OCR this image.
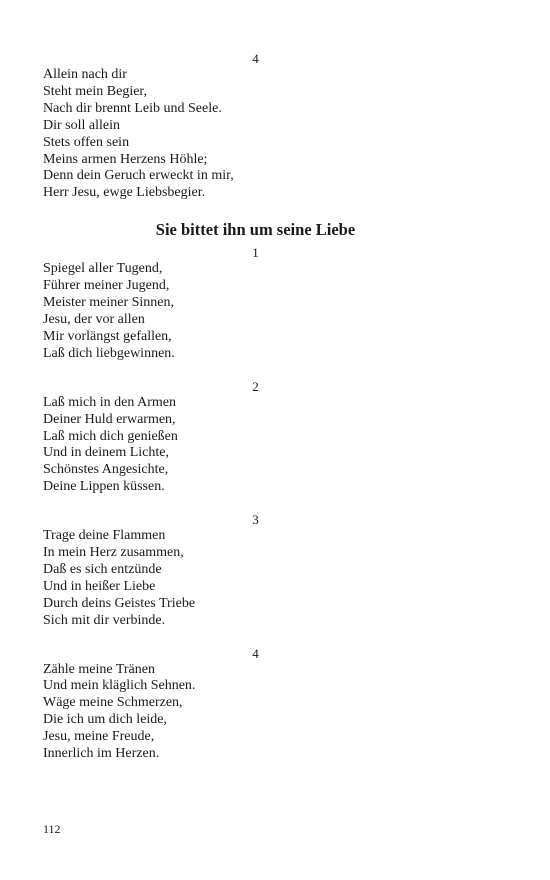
4
Allein nach dir
Steht mein Begier,
Nach dir brennt Leib und Seele.
Dir soll allein
Stets offen sein
Meins armen Herzens Höhle;
Denn dein Geruch erweckt in mir,
Herr Jesu, ewge Liebsbegier.
Sie bittet ihn um seine Liebe
1
Spiegel aller Tugend,
Führer meiner Jugend,
Meister meiner Sinnen,
Jesu, der vor allen
Mir vorlängst gefallen,
Laß dich liebgewinnen.
2
Laß mich in den Armen
Deiner Huld erwarmen,
Laß mich dich genießen
Und in deinem Lichte,
Schönstes Angesichte,
Deine Lippen küssen.
3
Trage deine Flammen
In mein Herz zusammen,
Daß es sich entzünde
Und in heißer Liebe
Durch deins Geistes Triebe
Sich mit dir verbinde.
4
Zähle meine Tränen
Und mein kläglich Sehnen.
Wäge meine Schmerzen,
Die ich um dich leide,
Jesu, meine Freude,
Innerlich im Herzen.
112
